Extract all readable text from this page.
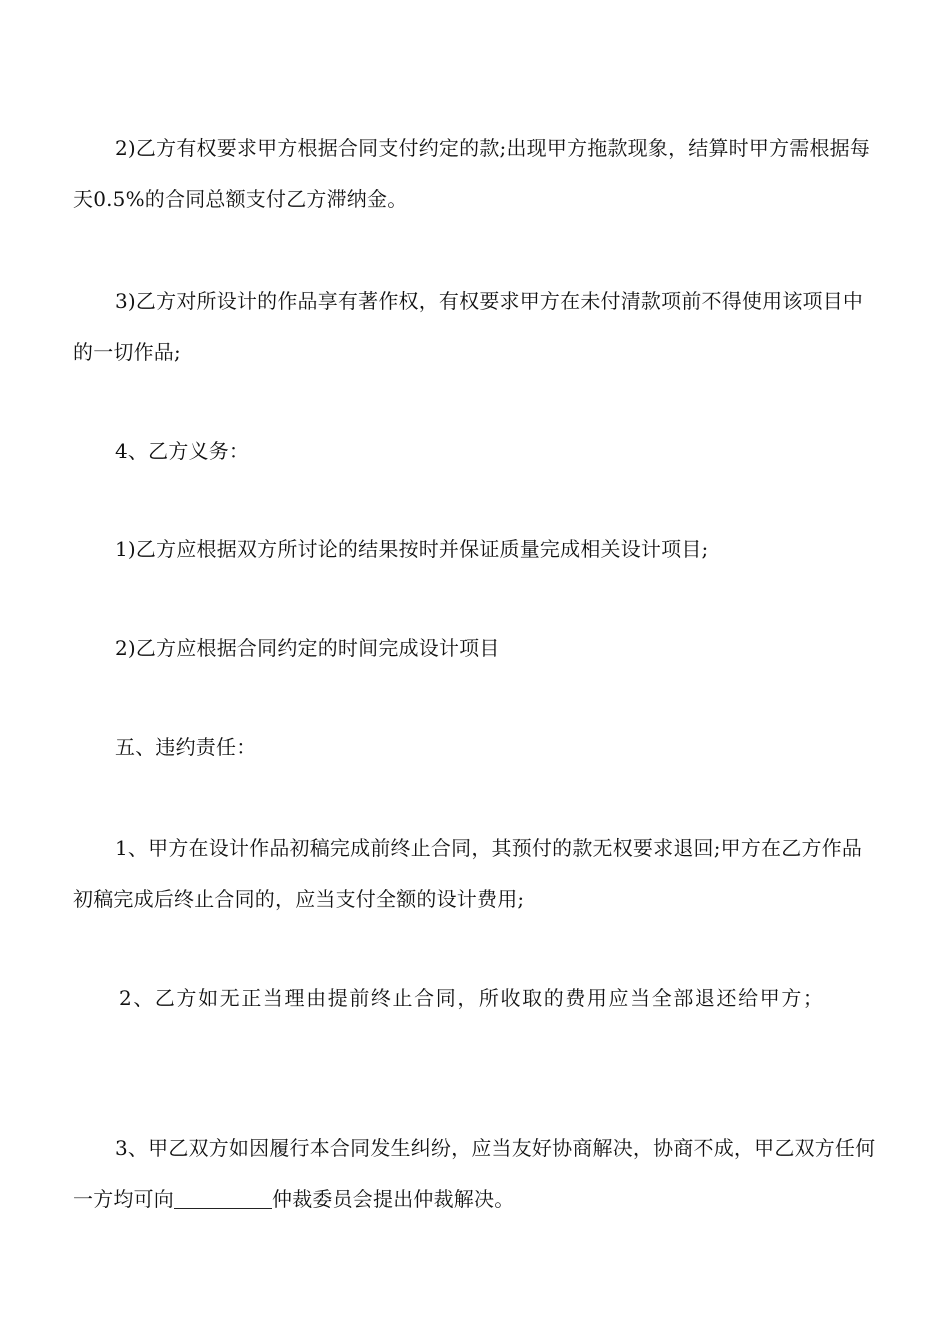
2)乙方有权要求甲方根据合同支付约定的款;出现甲方拖款现象，结算时甲方需根据每天0.5%的合同总额支付乙方滞纳金。

3)乙方对所设计的作品享有著作权，有权要求甲方在未付清款项前不得使用该项目中的一切作品;

4、乙方义务：

1)乙方应根据双方所讨论的结果按时并保证质量完成相关设计项目;

2)乙方应根据合同约定的时间完成设计项目

五、违约责任：

1、甲方在设计作品初稿完成前终止合同，其预付的款无权要求退回;甲方在乙方作品初稿完成后终止合同的，应当支付全额的设计费用;

2、乙方如无正当理由提前终止合同，所收取的费用应当全部退还给甲方；

3、甲乙双方如因履行本合同发生纠纷，应当友好协商解决，协商不成，甲乙双方任何一方均可向	仲裁委员会提出仲裁解决。
